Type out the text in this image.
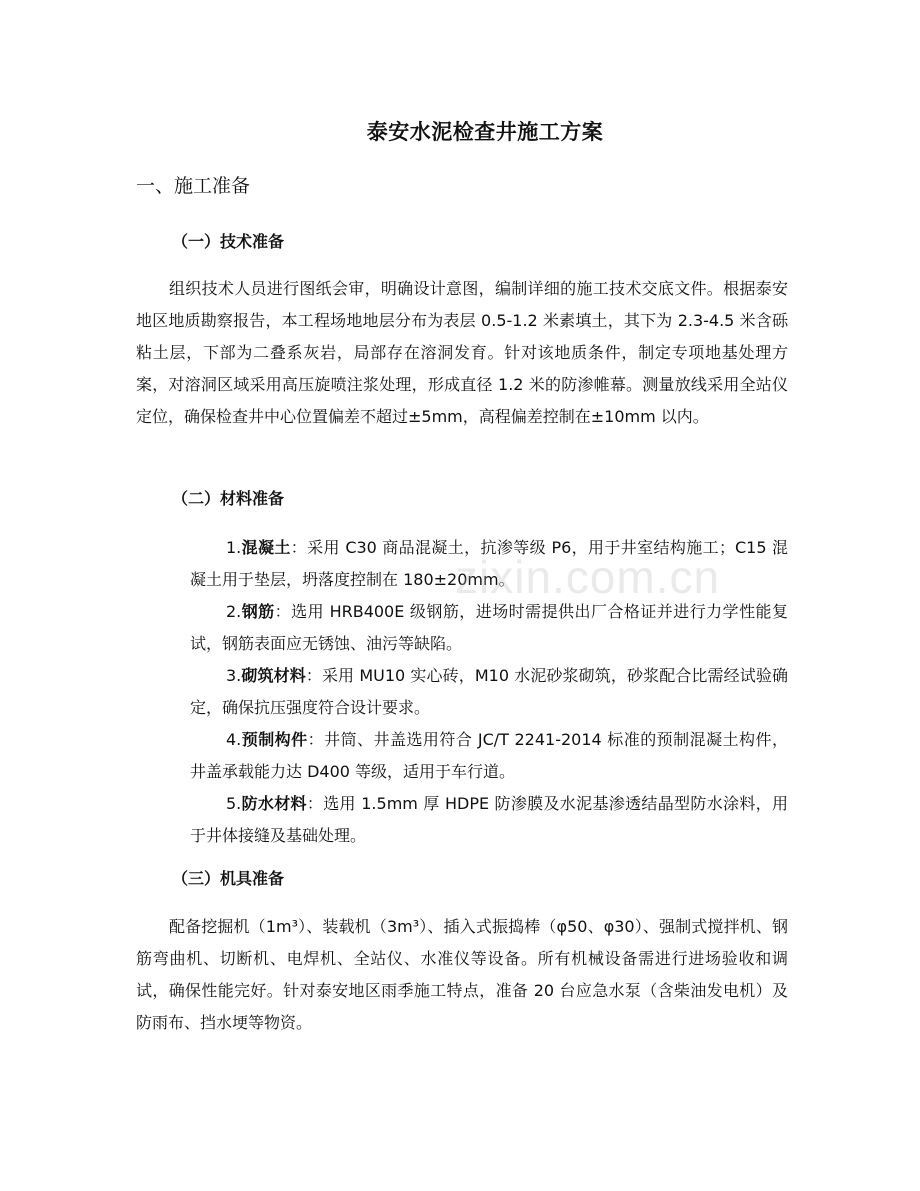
泰安水泥检查井施工方案
一、施工准备
（一）技术准备

组织技术人员进行图纸会审，明确设计意图，编制详细的施工技术交底文件。根据泰安地区地质勘察报告，本工程场地地层分布为表层 0.5-1.2 米素填土，其下为 2.3-4.5 米含砾粘土层，下部为二叠系灰岩，局部存在溶洞发育。针对该地质条件，制定专项地基处理方案，对溶洞区域采用高压旋喷注浆处理，形成直径 1.2 米的防渗帷幕。测量放线采用全站仪定位，确保检查井中心位置偏差不超过±5mm，高程偏差控制在±10mm 以内。

（二）材料准备

1.混凝土：采用 C30 商品混凝土，抗渗等级 P6，用于井室结构施工；C15 混凝土用于垫层，坍落度控制在 180±20mm。

2.钢筋：选用 HRB400E 级钢筋，进场时需提供出厂合格证并进行力学性能复试，钢筋表面应无锈蚀、油污等缺陷。

3.砌筑材料：采用 MU10 实心砖，M10 水泥砂浆砌筑，砂浆配合比需经试验确定，确保抗压强度符合设计要求。

4.预制构件：井筒、井盖选用符合 JC/T 2241-2014 标准的预制混凝土构件，井盖承载能力达 D400 等级，适用于车行道。

5.防水材料：选用 1.5mm 厚 HDPE 防渗膜及水泥基渗透结晶型防水涂料，用于井体接缝及基础处理。

（三）机具准备

配备挖掘机（1m³）、装载机（3m³）、插入式振捣棒（φ50、φ30）、强制式搅拌机、钢筋弯曲机、切断机、电焊机、全站仪、水准仪等设备。所有机械设备需进行进场验收和调试，确保性能完好。针对泰安地区雨季施工特点，准备 20 台应急水泵（含柴油发电机）及防雨布、挡水埂等物资。

zixin.com.cn
